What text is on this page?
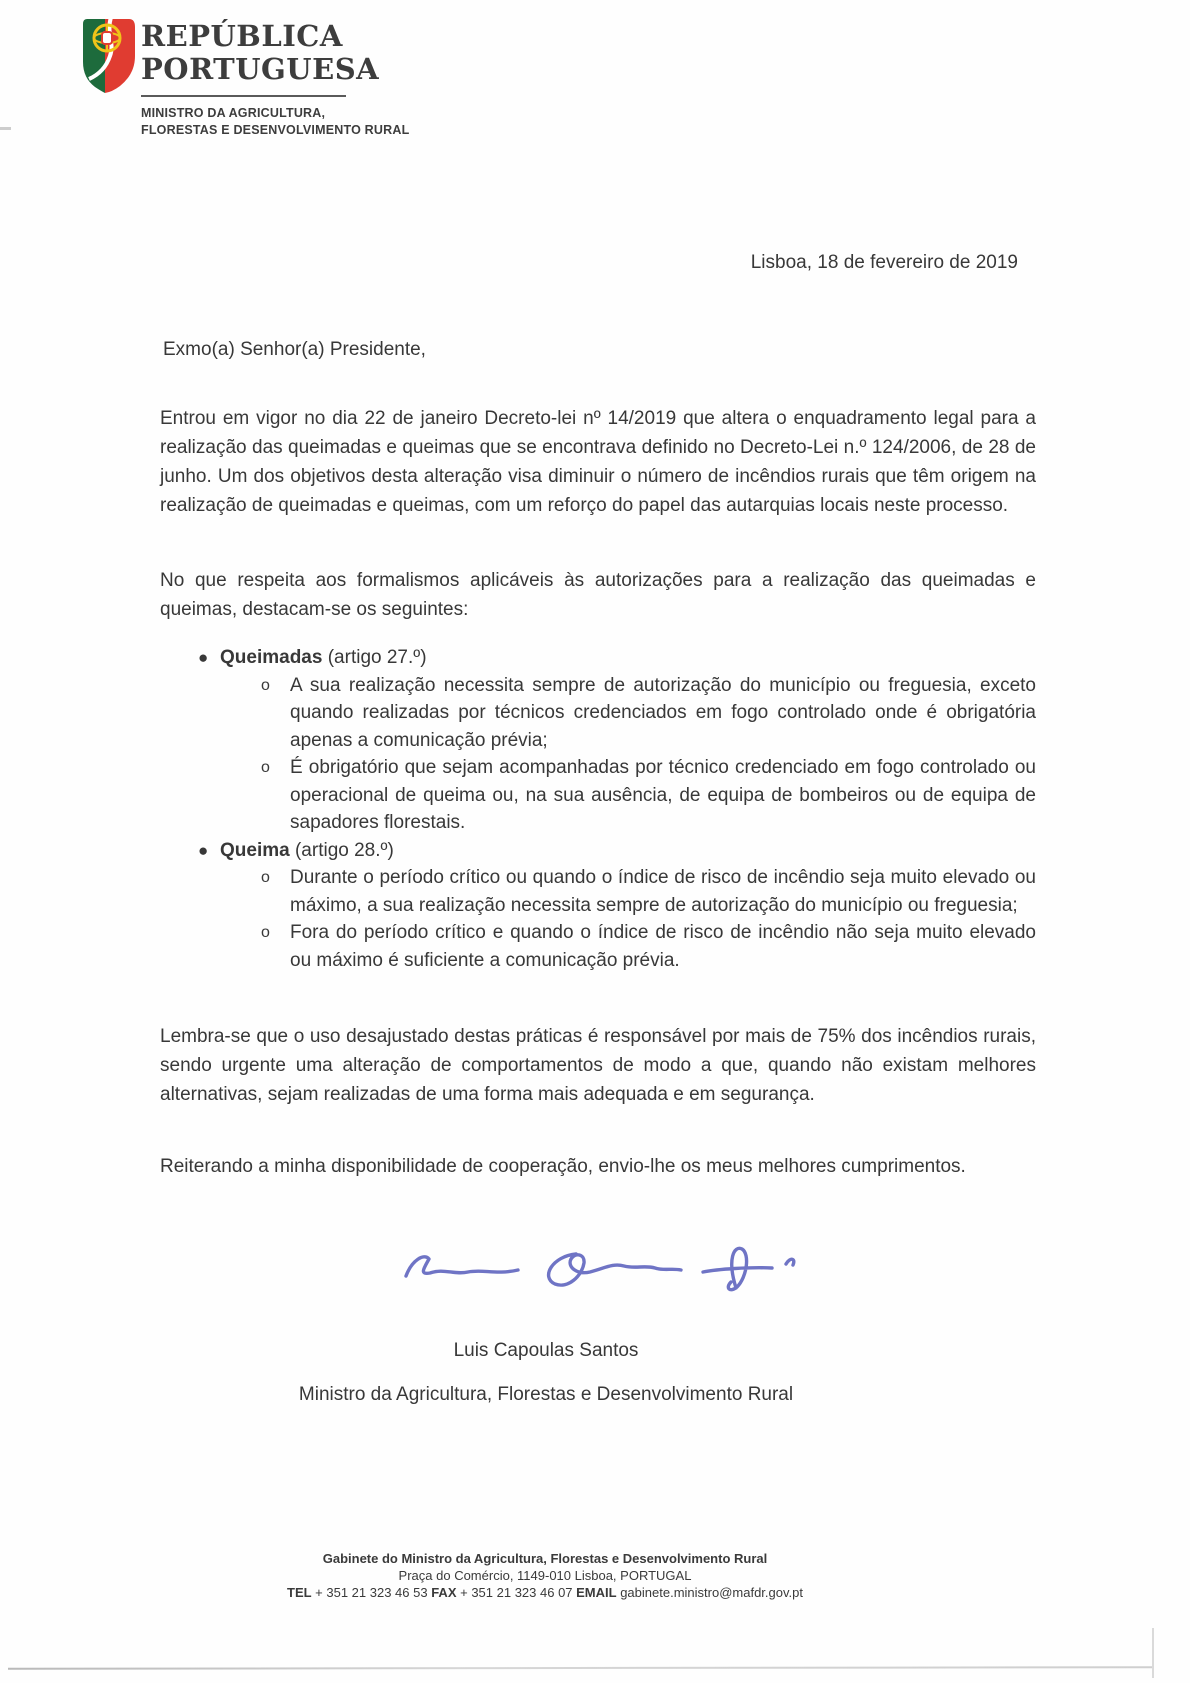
REPÚBLICA
PORTUGUESA
MINISTRO DA AGRICULTURA,
FLORESTAS E DESENVOLVIMENTO RURAL
Lisboa, 18 de fevereiro de 2019
Exmo(a) Senhor(a) Presidente,

Entrou em vigor no dia 22 de janeiro Decreto-lei nº 14/2019 que altera o enquadramento legal para a realização das queimadas e queimas que se encontrava definido no Decreto-Lei n.º 124/2006, de 28 de junho. Um dos objetivos desta alteração visa diminuir o número de incêndios rurais que têm origem na realização de queimadas e queimas, com um reforço do papel das autarquias locais neste processo.

No que respeita aos formalismos aplicáveis às autorizações para a realização das queimadas e queimas, destacam-se os seguintes:

● Queimadas (artigo 27.º)
o A sua realização necessita sempre de autorização do município ou freguesia, exceto quando realizadas por técnicos credenciados em fogo controlado onde é obrigatória apenas a comunicação prévia;
o É obrigatório que sejam acompanhadas por técnico credenciado em fogo controlado ou operacional de queima ou, na sua ausência, de equipa de bombeiros ou de equipa de sapadores florestais.
● Queima (artigo 28.º)
o Durante o período crítico ou quando o índice de risco de incêndio seja muito elevado ou máximo, a sua realização necessita sempre de autorização do município ou freguesia;
o Fora do período crítico e quando o índice de risco de incêndio não seja muito elevado ou máximo é suficiente a comunicação prévia.

Lembra-se que o uso desajustado destas práticas é responsável por mais de 75% dos incêndios rurais, sendo urgente uma alteração de comportamentos de modo a que, quando não existam melhores alternativas, sejam realizadas de uma forma mais adequada e em segurança.

Reiterando a minha disponibilidade de cooperação, envio-lhe os meus melhores cumprimentos.

Luis Capoulas Santos
Ministro da Agricultura, Florestas e Desenvolvimento Rural
Gabinete do Ministro da Agricultura, Florestas e Desenvolvimento Rural
Praça do Comércio, 1149-010 Lisboa, PORTUGAL
TEL + 351 21 323 46 53 FAX + 351 21 323 46 07 EMAIL gabinete.ministro@mafdr.gov.pt
